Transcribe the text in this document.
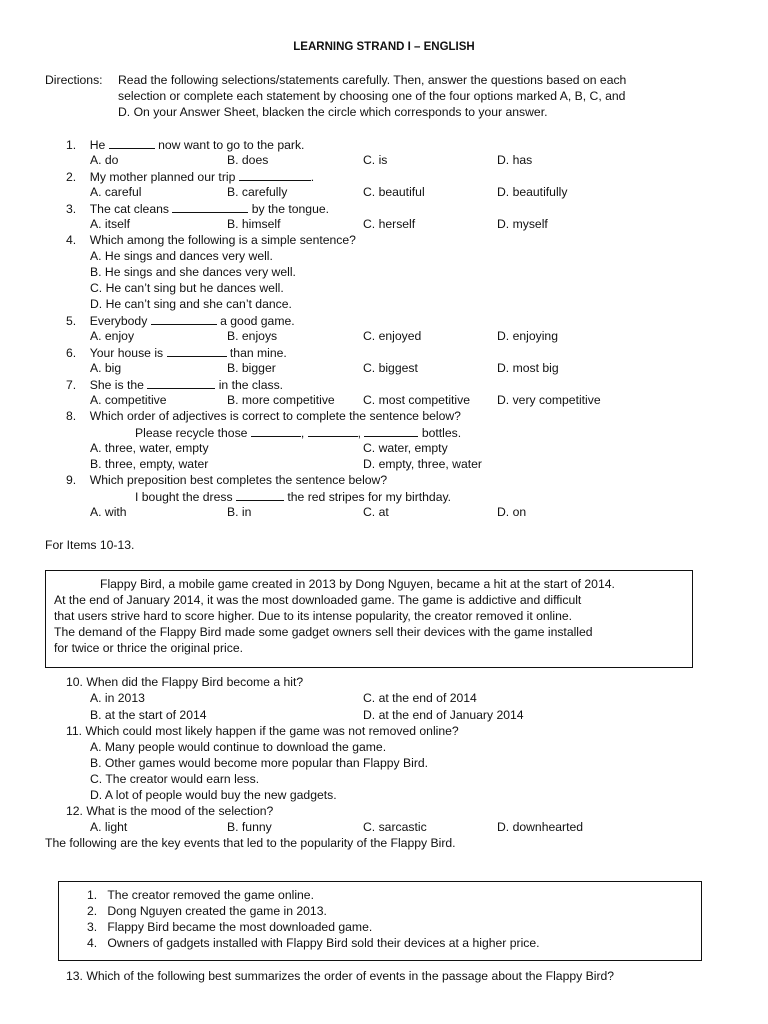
LEARNING STRAND I – ENGLISH
Directions: Read the following selections/statements carefully. Then, answer the questions based on each
selection or complete each statement by choosing one of the four options marked A, B, C, and
D. On your Answer Sheet, blacken the circle which corresponds to your answer.
1. He	now want to go to the park.
A. do	B. does	C. is	D. has
2. My mother planned our trip	.
A. careful	B. carefully	C. beautiful	D. beautifully
3. The cat cleans	by the tongue.
A. itself	B. himself	C. herself	D. myself
4. Which among the following is a simple sentence?
A. He sings and dances very well.
B. He sings and she dances very well.
C. He can’t sing but he dances well.
D. He can’t sing and she can’t dance.
5. Everybody	a good game.
A. enjoy	B. enjoys	C. enjoyed	D. enjoying
6. Your house is	than mine.
A. big	B. bigger	C. biggest	D. most big
7. She is the	in the class.
A. competitive	B. more competitive C. most competitive D. very competitive
8. Which order of adjectives is correct to complete the sentence below?
Please recycle those	,	,	bottles.
A. three, water, empty	C. water, empty
B. three, empty, water	D. empty, three, water
9. Which preposition best completes the sentence below?
I bought the dress	the red stripes for my birthday.
A. with	B. in	C. at	D. on
For Items 10-13.
Flappy Bird, a mobile game created in 2013 by Dong Nguyen, became a hit at the start of 2014.
At the end of January 2014, it was the most downloaded game. The game is addictive and difficult
that users strive hard to score higher. Due to its intense popularity, the creator removed it online.
The demand of the Flappy Bird made some gadget owners sell their devices with the game installed
for twice or thrice the original price.
10. When did the Flappy Bird become a hit?
A. in 2013	C. at the end of 2014
B. at the start of 2014	D. at the end of January 2014
11. Which could most likely happen if the game was not removed online?
A. Many people would continue to download the game.
B. Other games would become more popular than Flappy Bird.
C. The creator would earn less.
D. A lot of people would buy the new gadgets.
12. What is the mood of the selection?
A. light	B. funny	C. sarcastic	D. downhearted
The following are the key events that led to the popularity of the Flappy Bird.
1. The creator removed the game online.
2. Dong Nguyen created the game in 2013.
3. Flappy Bird became the most downloaded game.
4. Owners of gadgets installed with Flappy Bird sold their devices at a higher price.
13. Which of the following best summarizes the order of events in the passage about the Flappy Bird?
